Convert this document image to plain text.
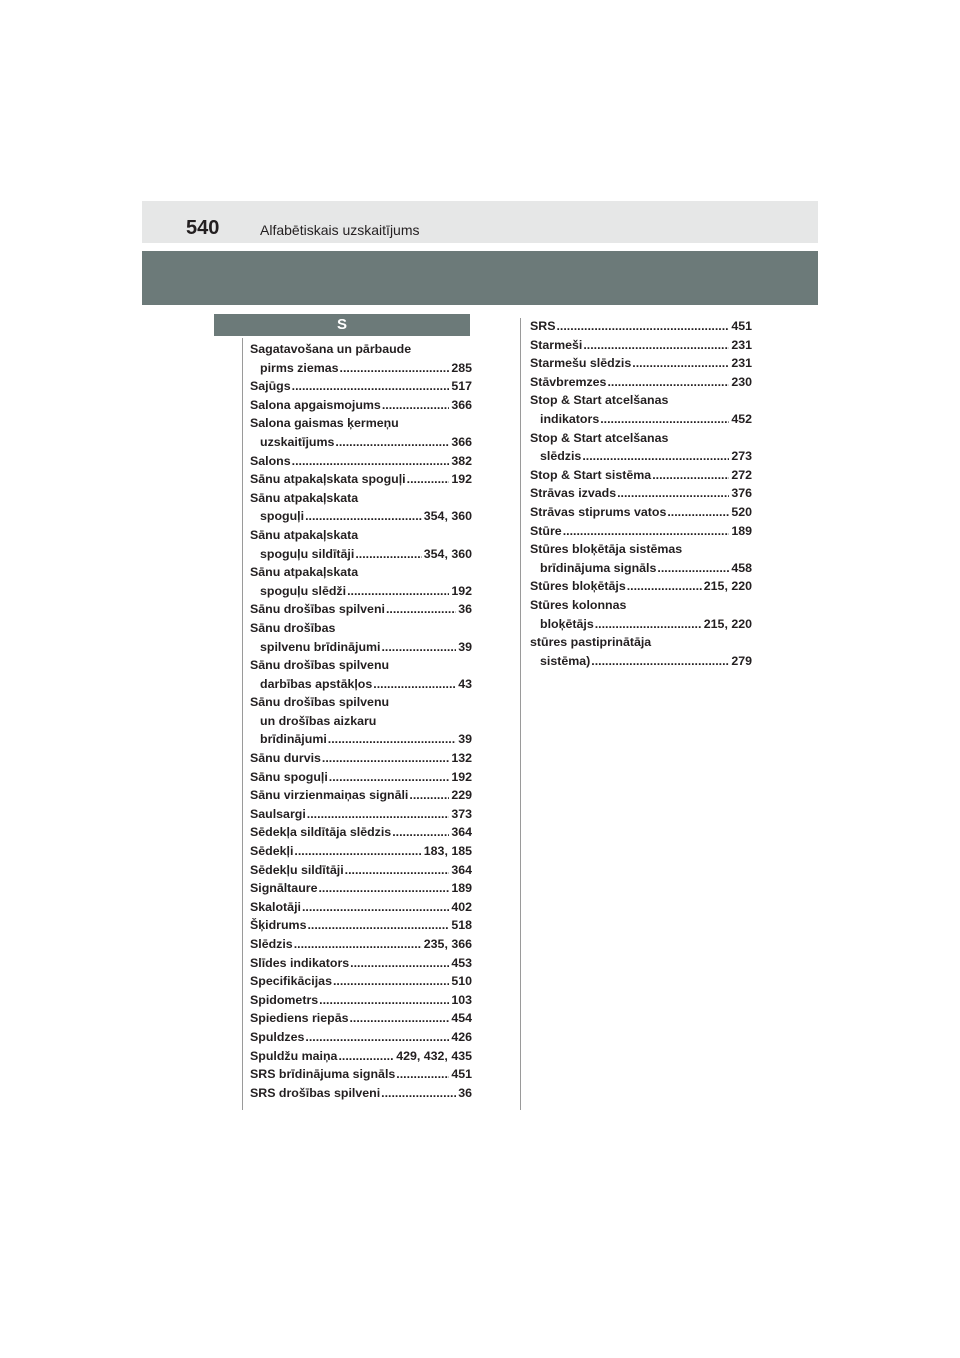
540	Alfabētiskais uzskaitījums
S
Sagatavošana un pārbaude
pirms ziemas .....	285
Sajūgs .....	517
Salona apgaismojums .....	366
Salona gaismas ķermeņu
uzskaitījums .....	366
Salons .....	382
Sānu atpakaļskata spoguļi .....	192
Sānu atpakaļskata
spoguļi .....	354, 360
Sānu atpakaļskata
spoguļu sildītāji .....	354, 360
Sānu atpakaļskata
spoguļu slēdži .....	192
Sānu drošības spilveni .....	36
Sānu drošības
spilvenu brīdinājumi .....	39
Sānu drošības spilvenu
darbības apstākļos .....	43
Sānu drošības spilvenu
un drošības aizkaru
brīdinājumi .....	39
Sānu durvis .....	132
Sānu spoguļi .....	192
Sānu virzienmaiņas signāli .....	229
Saulsargi .....	373
Sēdekļa sildītāja slēdzis .....	364
Sēdekļi .....	183, 185
Sēdekļu sildītāji .....	364
Signāltaure .....	189
Skalotāji .....	402
Šķidrums .....	518
Slēdzis .....	235, 366
Slīdes indikators .....	453
Specifikācijas .....	510
Spidometrs .....	103
Spiediens riepās .....	454
Spuldzes .....	426
Spuldžu maiņa .....	429, 432, 435
SRS brīdinājuma signāls .....	451
SRS drošības spilveni .....	36
SRS .....	451
Starmeši .....	231
Starmešu slēdzis .....	231
Stāvbremzes .....	230
Stop & Start atcelšanas
indikators .....	452
Stop & Start atcelšanas
slēdzis .....	273
Stop & Start sistēma .....	272
Strāvas izvads .....	376
Strāvas stiprums vatos .....	520
Stūre .....	189
Stūres bloķētāja sistēmas
brīdinājuma signāls .....	458
Stūres bloķētājs .....	215, 220
Stūres kolonnas
bloķētājs .....	215, 220
stūres pastiprinātāja
sistēma) .....	279
